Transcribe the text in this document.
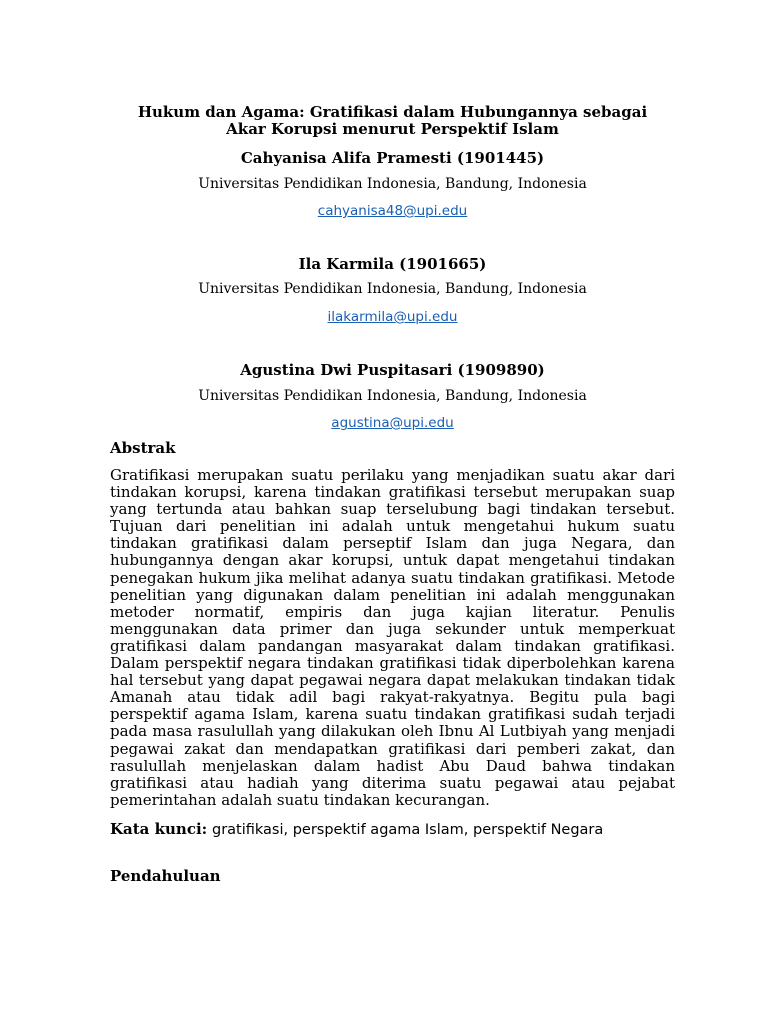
Hukum dan Agama: Gratifikasi dalam Hubungannya sebagai
Akar Korupsi menurut Perspektif Islam

Cahyanisa Alifa Pramesti (1901445)

Universitas Pendidikan Indonesia, Bandung, Indonesia

cahyanisa48@upi.edu

Ila Karmila (1901665)

Universitas Pendidikan Indonesia, Bandung, Indonesia

ilakarmila@upi.edu

Agustina Dwi Puspitasari (1909890)

Universitas Pendidikan Indonesia, Bandung, Indonesia

agustina@upi.edu

Abstrak

Gratifikasi merupakan suatu perilaku yang menjadikan suatu akar dari tindakan korupsi, karena tindakan gratifikasi tersebut merupakan suap yang tertunda atau bahkan suap terselubung bagi tindakan tersebut. Tujuan dari penelitian ini adalah untuk mengetahui hukum suatu tindakan gratifikasi dalam perseptif Islam dan juga Negara, dan hubungannya dengan akar korupsi, untuk dapat mengetahui tindakan penegakan hukum jika melihat adanya suatu tindakan gratifikasi. Metode penelitian yang digunakan dalam penelitian ini adalah menggunakan metoder normatif, empiris dan juga kajian literatur. Penulis menggunakan data primer dan juga sekunder untuk memperkuat gratifikasi dalam pandangan masyarakat dalam tindakan gratifikasi. Dalam perspektif negara tindakan gratifikasi tidak diperbolehkan karena hal tersebut yang dapat pegawai negara dapat melakukan tindakan tidak Amanah atau tidak adil bagi rakyat-rakyatnya. Begitu pula bagi perspektif agama Islam, karena suatu tindakan gratifikasi sudah terjadi pada masa rasulullah yang dilakukan oleh Ibnu Al Lutbiyah yang menjadi pegawai zakat dan mendapatkan gratifikasi dari pemberi zakat, dan rasulullah menjelaskan dalam hadist Abu Daud bahwa tindakan gratifikasi atau hadiah yang diterima suatu pegawai atau pejabat pemerintahan adalah suatu tindakan kecurangan.

Kata kunci: gratifikasi, perspektif agama Islam, perspektif Negara

Pendahuluan
